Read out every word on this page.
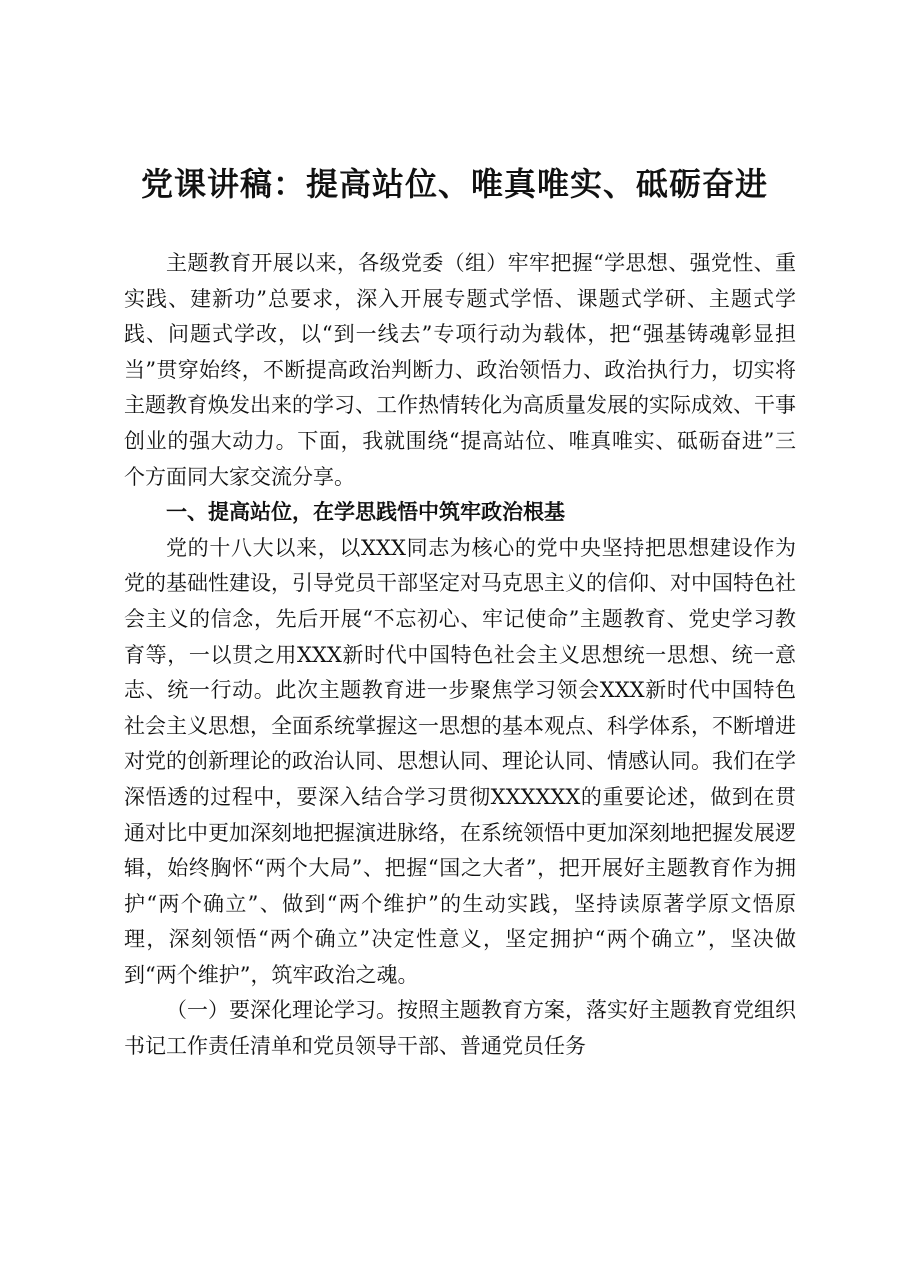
党课讲稿：提高站位、唯真唯实、砥砺奋进

主题教育开展以来，各级党委（组）牢牢把握“学思想、强党性、重实践、建新功”总要求，深入开展专题式学悟、课题式学研、主题式学践、问题式学改，以“到一线去”专项行动为载体，把“强基铸魂彰显担当”贯穿始终，不断提高政治判断力、政治领悟力、政治执行力，切实将主题教育焕发出来的学习、工作热情转化为高质量发展的实际成效、干事创业的强大动力。下面，我就围绕“提高站位、唯真唯实、砥砺奋进”三个方面同大家交流分享。

一、提高站位，在学思践悟中筑牢政治根基

党的十八大以来，以XXX同志为核心的党中央坚持把思想建设作为党的基础性建设，引导党员干部坚定对马克思主义的信仰、对中国特色社会主义的信念，先后开展“不忘初心、牢记使命”主题教育、党史学习教育等，一以贯之用XXX新时代中国特色社会主义思想统一思想、统一意志、统一行动。此次主题教育进一步聚焦学习领会XXX新时代中国特色社会主义思想，全面系统掌握这一思想的基本观点、科学体系，不断增进对党的创新理论的政治认同、思想认同、理论认同、情感认同。我们在学深悟透的过程中，要深入结合学习贯彻XXXXXX的重要论述，做到在贯通对比中更加深刻地把握演进脉络，在系统领悟中更加深刻地把握发展逻辑，始终胸怀“两个大局”、把握“国之大者”，把开展好主题教育作为拥护“两个确立”、做到“两个维护”的生动实践，坚持读原著学原文悟原理，深刻领悟“两个确立”决定性意义，坚定拥护“两个确立”，坚决做到“两个维护”，筑牢政治之魂。

（一）要深化理论学习。按照主题教育方案，落实好主题教育党组织书记工作责任清单和党员领导干部、普通党员任务
